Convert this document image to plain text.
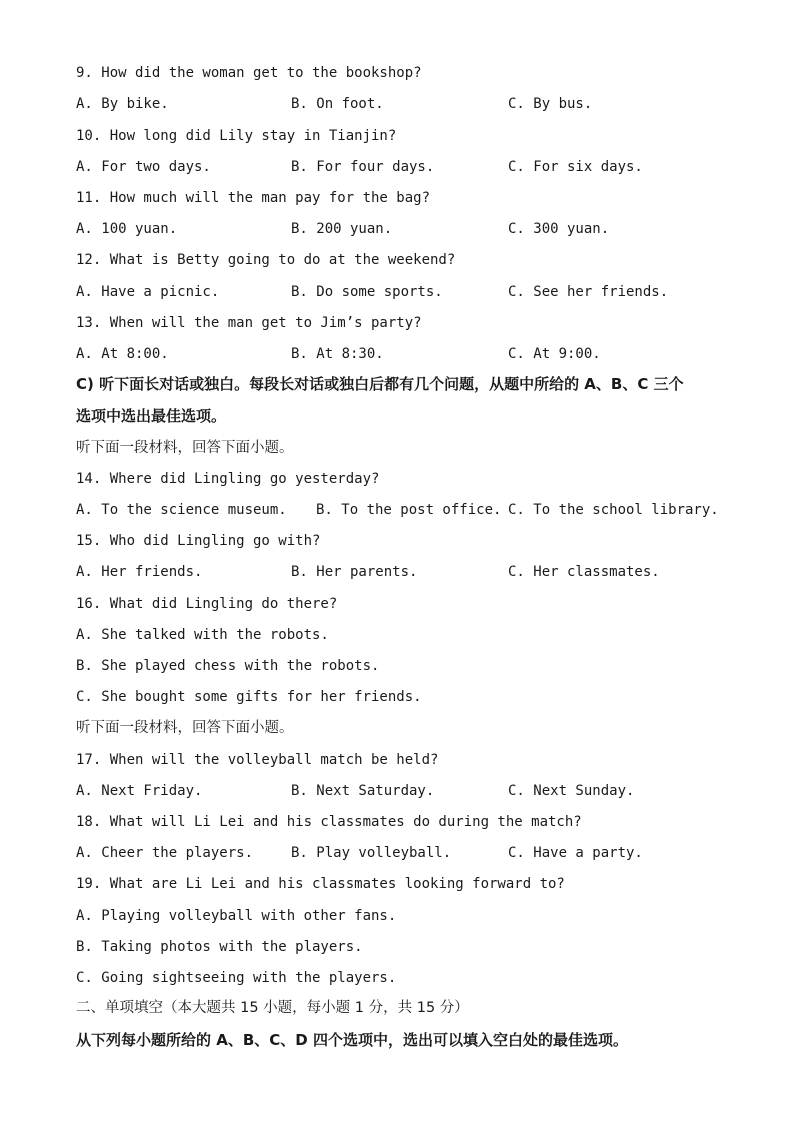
9. How did the woman get to the bookshop?
A. By bike.	B. On foot.	C. By bus.
10. How long did Lily stay in Tianjin?
A. For two days.	B. For four days.	C. For six days.
11. How much will the man pay for the bag?
A. 100 yuan.	B. 200 yuan.	C. 300 yuan.
12. What is Betty going to do at the weekend?
A. Have a picnic.	B. Do some sports.	C. See her friends.
13. When will the man get to Jim’s party?
A. At 8:00.	B. At 8:30.	C. At 9:00.
C) 听下面长对话或独白。每段长对话或独白后都有几个问题，从题中所给的 A、B、C 三个
选项中选出最佳选项。
听下面一段材料，回答下面小题。
14. Where did Lingling go yesterday?
A. To the science museum. B. To the post office. C. To the school library.
15. Who did Lingling go with?
A. Her friends.	B. Her parents.	C. Her classmates.
16. What did Lingling do there?
A. She talked with the robots.
B. She played chess with the robots.
C. She bought some gifts for her friends.
听下面一段材料，回答下面小题。
17. When will the volleyball match be held?
A. Next Friday.	B. Next Saturday.	C. Next Sunday.
18. What will Li Lei and his classmates do during the match?
A. Cheer the players.	B. Play volleyball.	C. Have a party.
19. What are Li Lei and his classmates looking forward to?
A. Playing volleyball with other fans.
B. Taking photos with the players.
C. Going sightseeing with the players.
二、单项填空（本大题共 15 小题，每小题 1 分，共 15 分）
从下列每小题所给的 A、B、C、D 四个选项中，选出可以填入空白处的最佳选项。
